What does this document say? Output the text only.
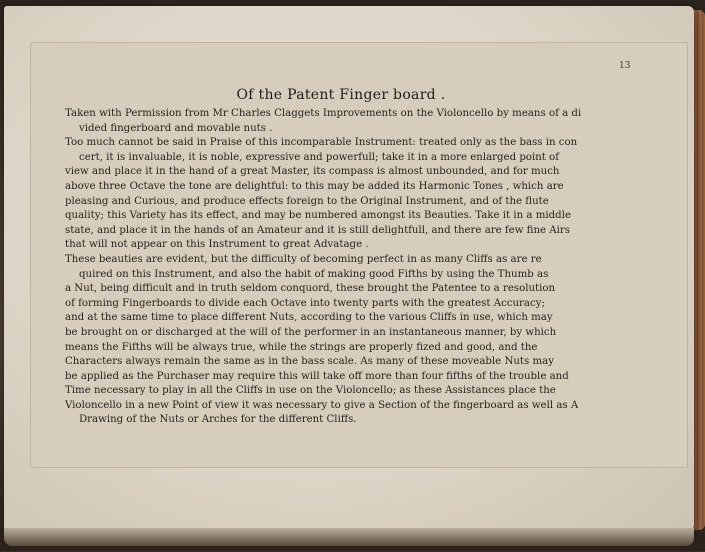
13
Of the Patent Finger board .
Taken with Permission from Mr Charles Claggets Improvements on the Violoncello by means of a di
vided fingerboard and movable nuts .
Too much cannot be said in Praise of this incomparable Instrument: treated only as the bass in con
cert, it is invaluable, it is noble, expressive and powerfull; take it in a more enlarged point of
view and place it in the hand of a great Master, its compass is almost unbounded, and for much
above three Octave the tone are delightful: to this may be added its Harmonic Tones , which are
pleasing and Curious, and produce effects foreign to the Original Instrument, and of the flute
quality; this Variety has its effect, and may be numbered amongst its Beauties. Take it in a middle
state, and place it in the hands of an Amateur and it is still delightfull, and there are few fine Airs
that will not appear on this Instrument to great Advatage .
These beauties are evident, but the difficulty of becoming perfect in as many Cliffs as are re
quired on this Instrument, and also the habit of making good Fifths by using the Thumb as
a Nut, being difficult and in truth seldom conquord, these brought the Patentee to a resolution
of forming Fingerboards to divide each Octave into twenty parts with the greatest Accuracy;
and at the same time to place different Nuts, according to the various Cliffs in use, which may
be brought on or discharged at the will of the performer in an instantaneous manner, by which
means the Fifths will be always true, while the strings are properly fized and good, and the
Characters always remain the same as in the bass scale. As many of these moveable Nuts may
be applied as the Purchaser may require this will take off more than four fifths of the trouble and
Time necessary to play in all the Cliffs in use on the Violoncello; as these Assistances place the
Violoncello in a new Point of view it was necessary to give a Section of the fingerboard as well as A
Drawing of the Nuts or Arches for the different Cliffs.
